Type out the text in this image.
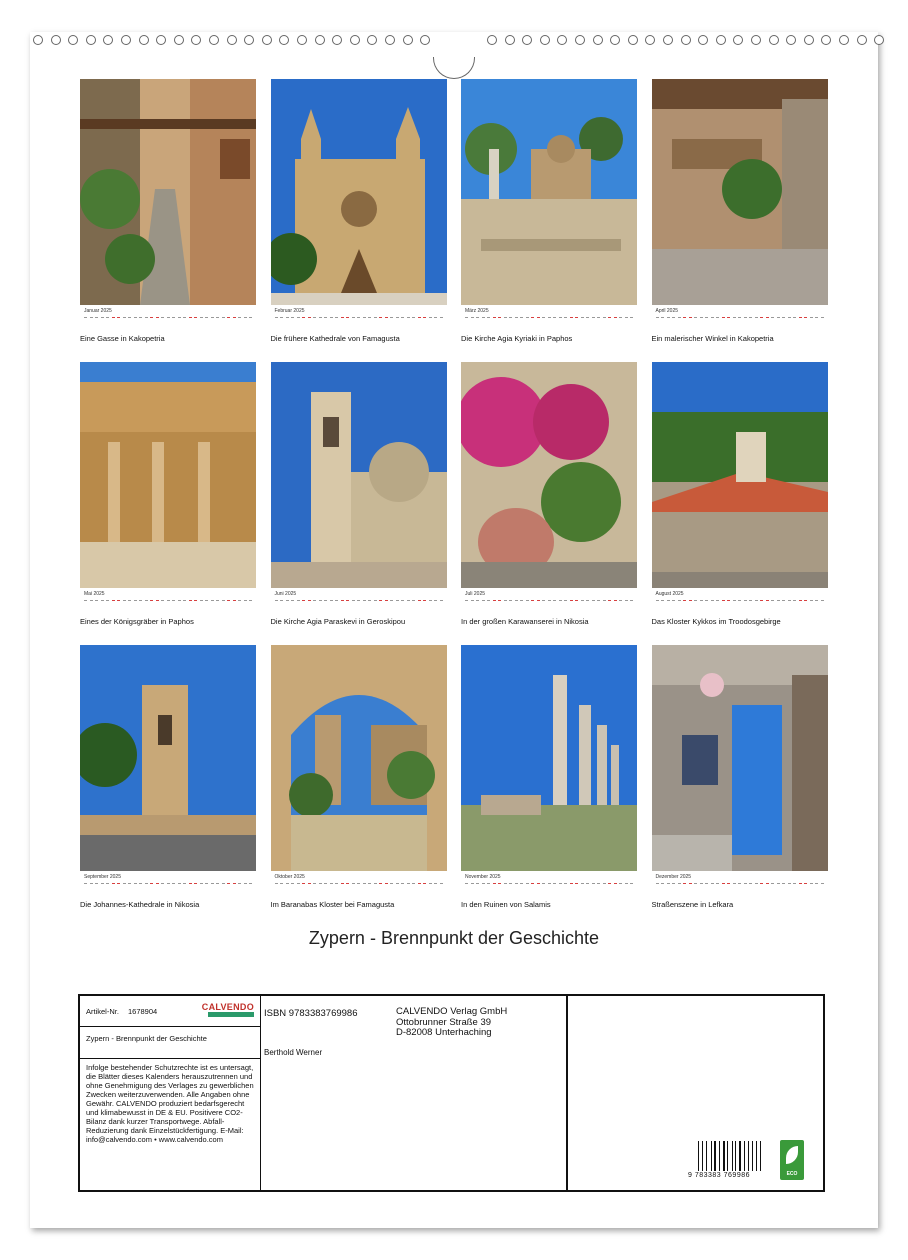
Januar 2025
Eine Gasse in Kakopetria
Februar 2025
Die frühere Kathedrale von Famagusta
März 2025
Die Kirche Agia Kyriaki in Paphos
April 2025
Ein malerischer Winkel in Kakopetria
Mai 2025
Eines der Königsgräber in Paphos
Juni 2025
Die Kirche Agia Paraskevi in Geroskipou
Juli 2025
In der großen Karawanserei in Nikosia
August 2025
Das Kloster Kykkos im Troodosgebirge
September 2025
Die Johannes-Kathedrale in Nikosia
Oktober 2025
Im Baranabas Kloster bei Famagusta
November 2025
In den Ruinen von Salamis
Dezember 2025
Straßenszene in Lefkara
Zypern - Brennpunkt der Geschichte
Artikel-Nr. 1678904	CALVENDO
Zypern - Brennpunkt der Geschichte
Infolge bestehender Schutzrechte ist es untersagt, die Blätter dieses Kalenders herauszutrennen und ohne Genehmigung des Verlages zu gewerblichen Zwecken weiterzuverwenden. Alle Angaben ohne Gewähr. CALVENDO produziert bedarfsgerecht und klimabewusst in DE & EU. Positivere CO2-Bilanz dank kurzer Transportwege. Abfall-Reduzierung dank Einzelstückfertigung. E-Mail: info@calvendo.com • www.calvendo.com
ISBN 9783383769986
Berthold Werner
CALVENDO Verlag GmbH
Ottobrunner Straße 39
D-82008 Unterhaching
9 783383 769986	ECO
